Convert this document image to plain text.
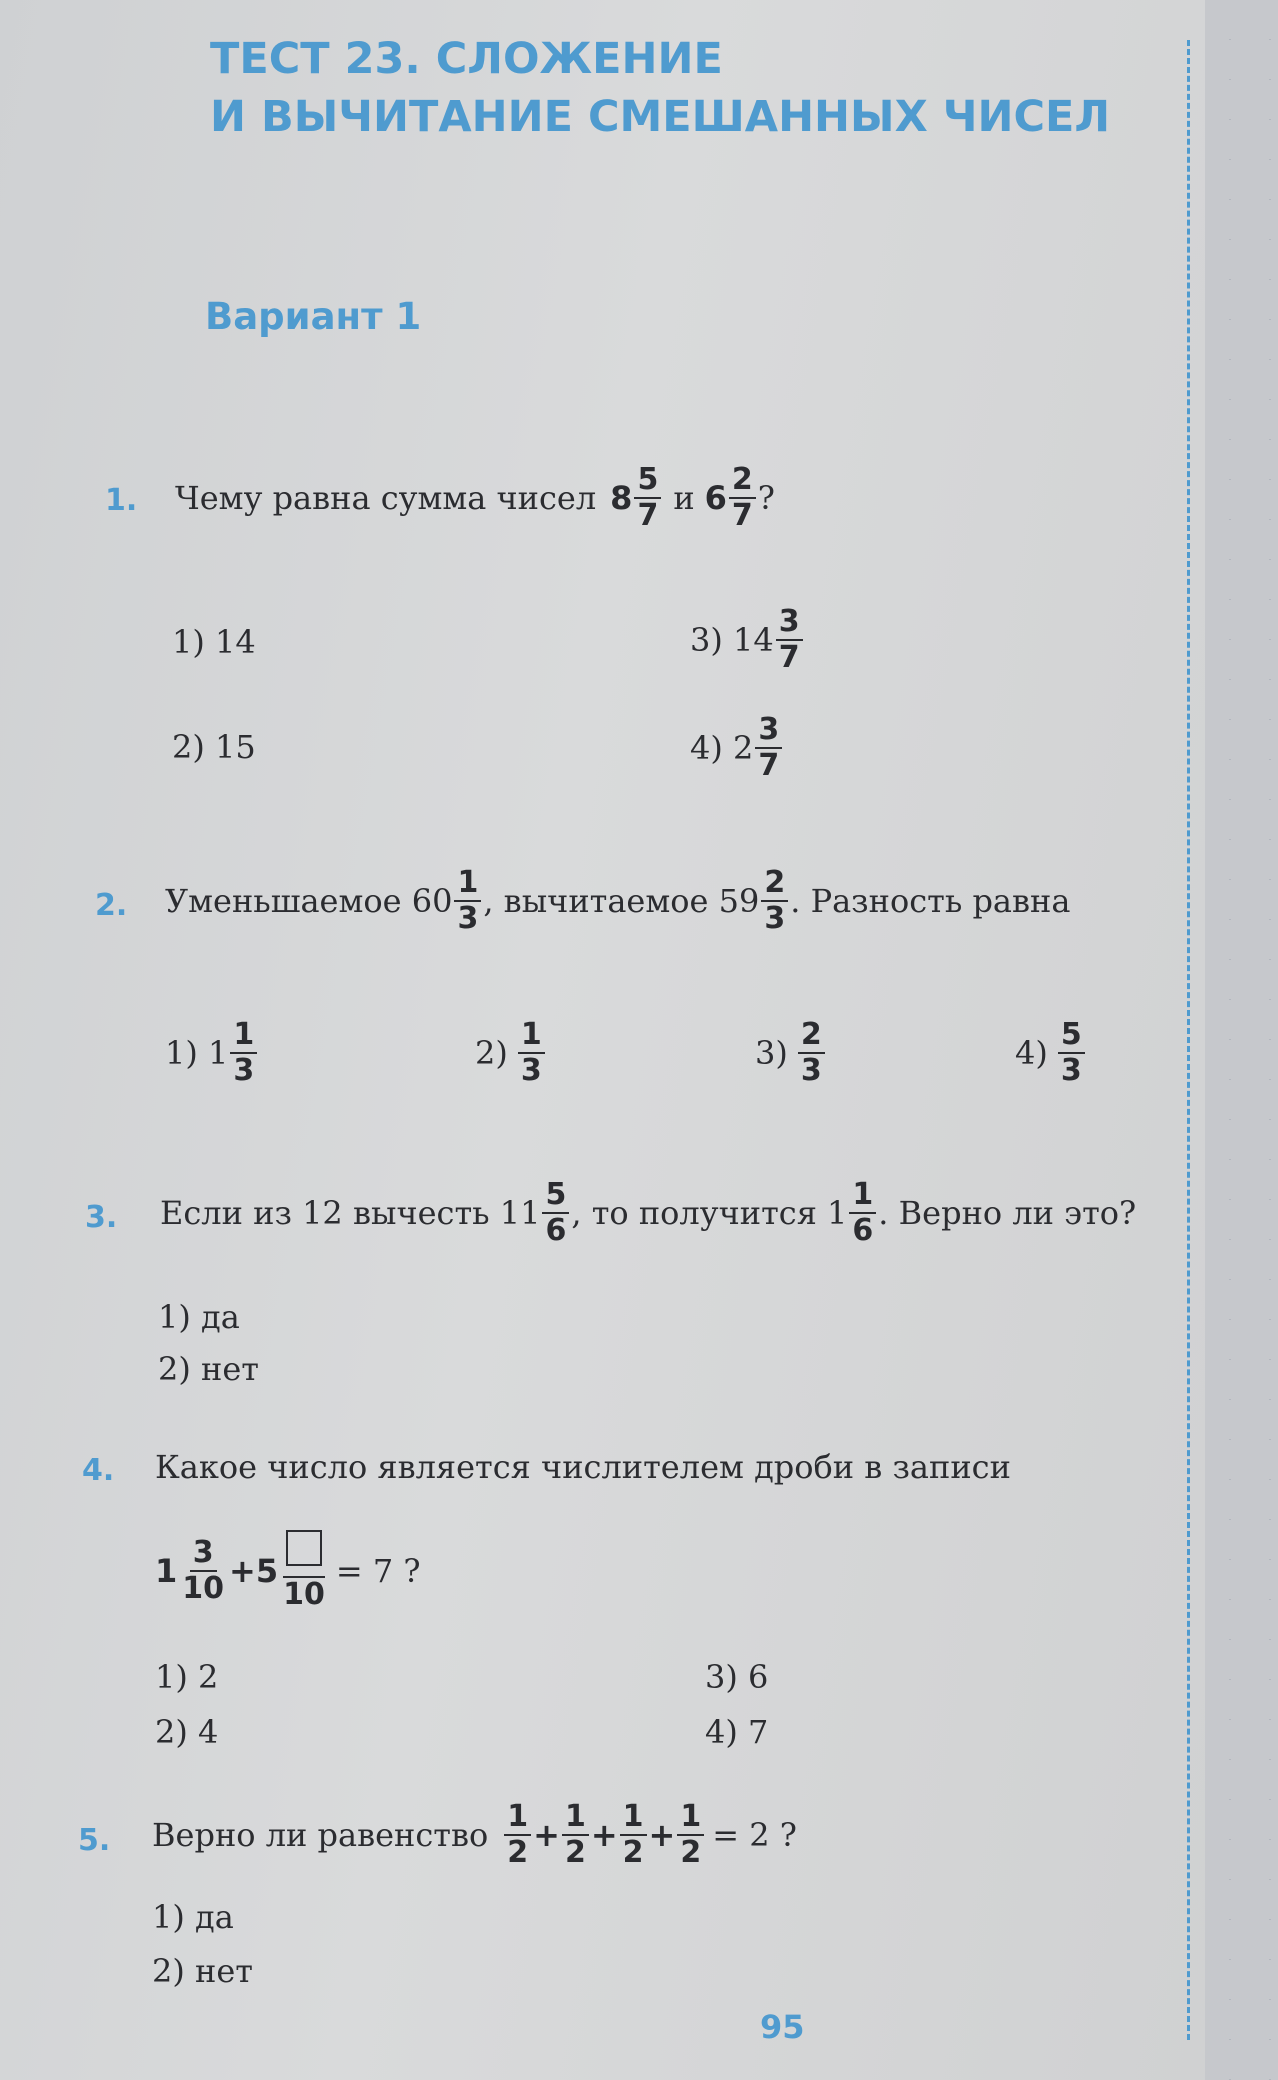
ТЕСТ 23. СЛОЖЕНИЕ
И ВЫЧИТАНИЕ СМЕШАННЫХ ЧИСЕЛ
Вариант 1
1. Чему равна сумма чисел $8 \frac{5}{7}$ и $6 \frac{2}{7}$ ?
1) 14
2) 15
3) $14 \frac{3}{7}$
4) $2 \frac{3}{7}$
2. Уменьшаемое $60 \frac{1}{3}$ , вычитаемое $59 \frac{2}{3}$ . Разность равна
1) $1 \frac{1}{3}$	$2) \frac{1}{3}$	$3) \frac{2}{3}$	$4) \frac{5}{3}$
3. Если из 12 вычесть $11 \frac{5}{6}$ , то получится $1 \frac{1}{6}$ . Верно ли это?
1) да
2) нет
4. Какое число является числителем дроби в записи
$1 \frac{3}{10} +5$
10
= 7 ?
1) 2
2) 4
3) 6
4) 7
5. Верно ли равенство $\frac{1}{2} + \frac{1}{2} + \frac{1}{2} + \frac{1}{2} = 2$ ?
1) да
2) нет
95
